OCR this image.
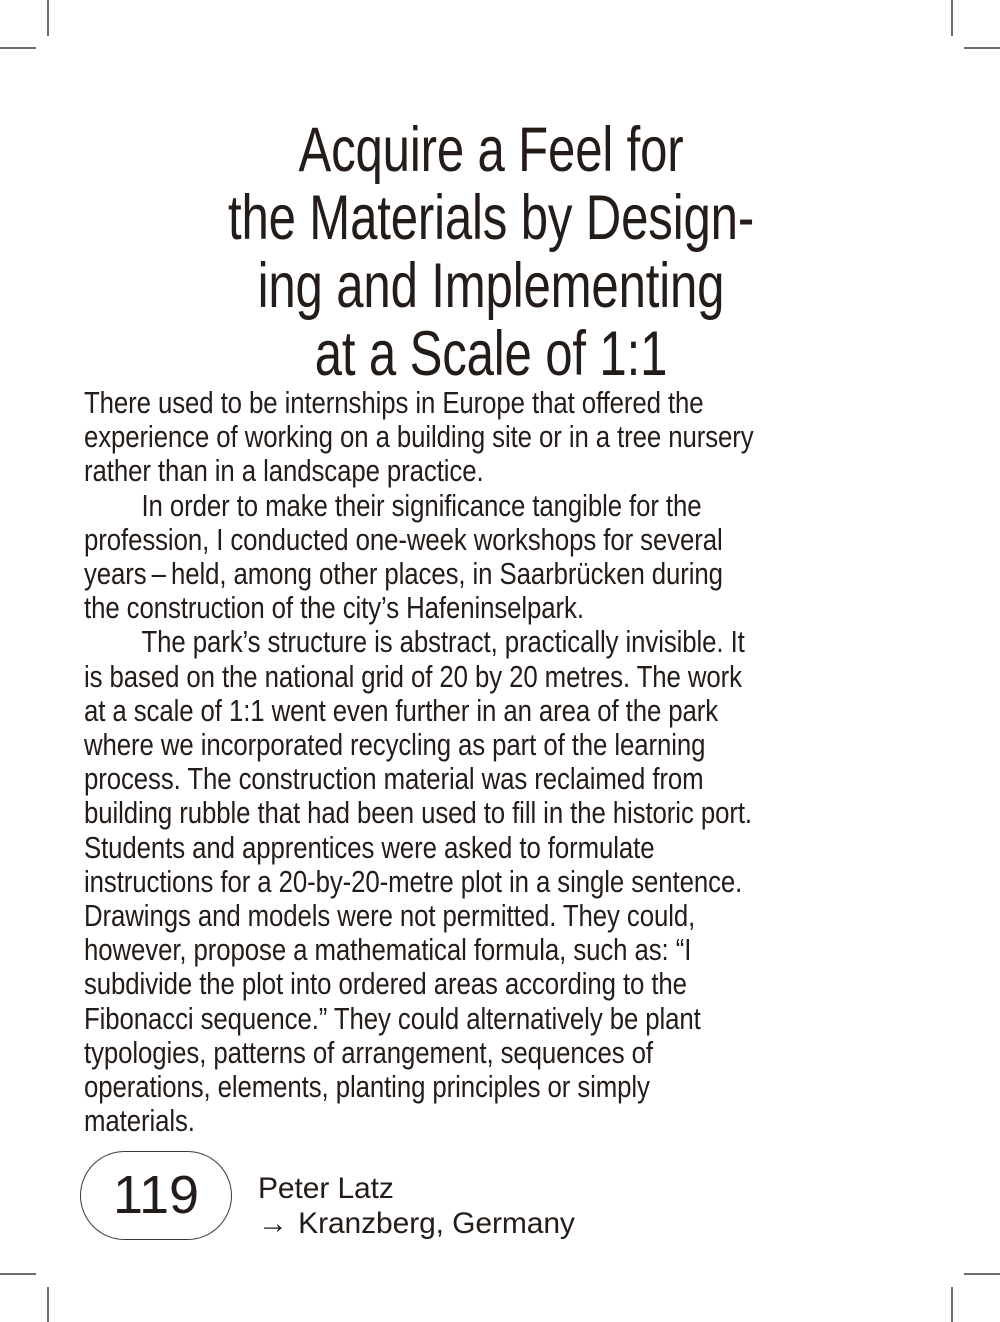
Acquire a Feel for
the Materials by Design-
ing and Implementing
at a Scale of 1:1

There used to be internships in Europe that offered the experience of working on a building site or in a tree nursery rather than in a landscape practice.

In order to make their significance tangible for the profession, I conducted one-week workshops for several years – held, among other places, in Saarbrücken during the construction of the city’s Hafeninselpark.

The park’s structure is abstract, practically invisible. It is based on the national grid of 20 by 20 metres. The work at a scale of 1:1 went even further in an area of the park where we incorporated recycling as part of the learning process. The construction material was reclaimed from building rubble that had been used to fill in the historic port. Students and apprentices were asked to formulate instructions for a 20-by-20-metre plot in a single sentence. Drawings and models were not permitted. They could, however, propose a mathematical formula, such as: “I subdivide the plot into ordered areas according to the Fibonacci sequence.” They could alternatively be plant typologies, patterns of arrangement, sequences of operations, elements, planting principles or simply materials.

119 Peter Latz
→ Kranzberg, Germany
